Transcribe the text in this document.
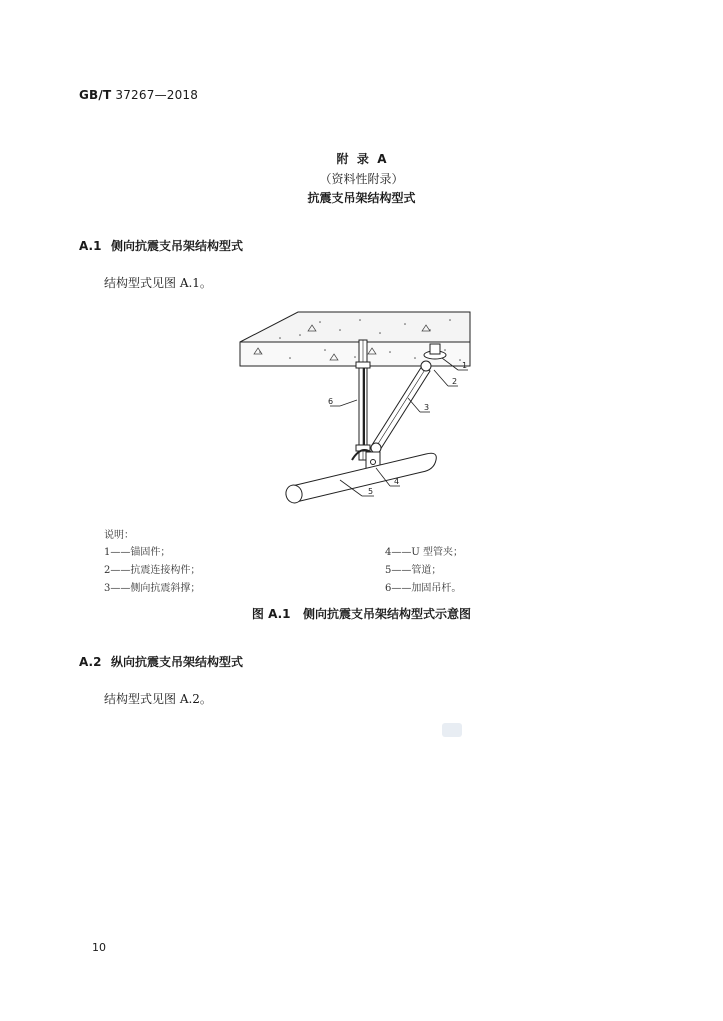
GB/T 37267—2018
附  录  A
（资料性附录）
抗震支吊架结构型式
A.1 侧向抗震支吊架结构型式
结构型式见图 A.1。
1
2
3
4
5
6
说明：
1——锚固件；
2——抗震连接构件；
3——侧向抗震斜撑；
4——U 型管夹；
5——管道；
6——加固吊杆。
图 A.1   侧向抗震支吊架结构型式示意图
A.2 纵向抗震支吊架结构型式
结构型式见图 A.2。
10
